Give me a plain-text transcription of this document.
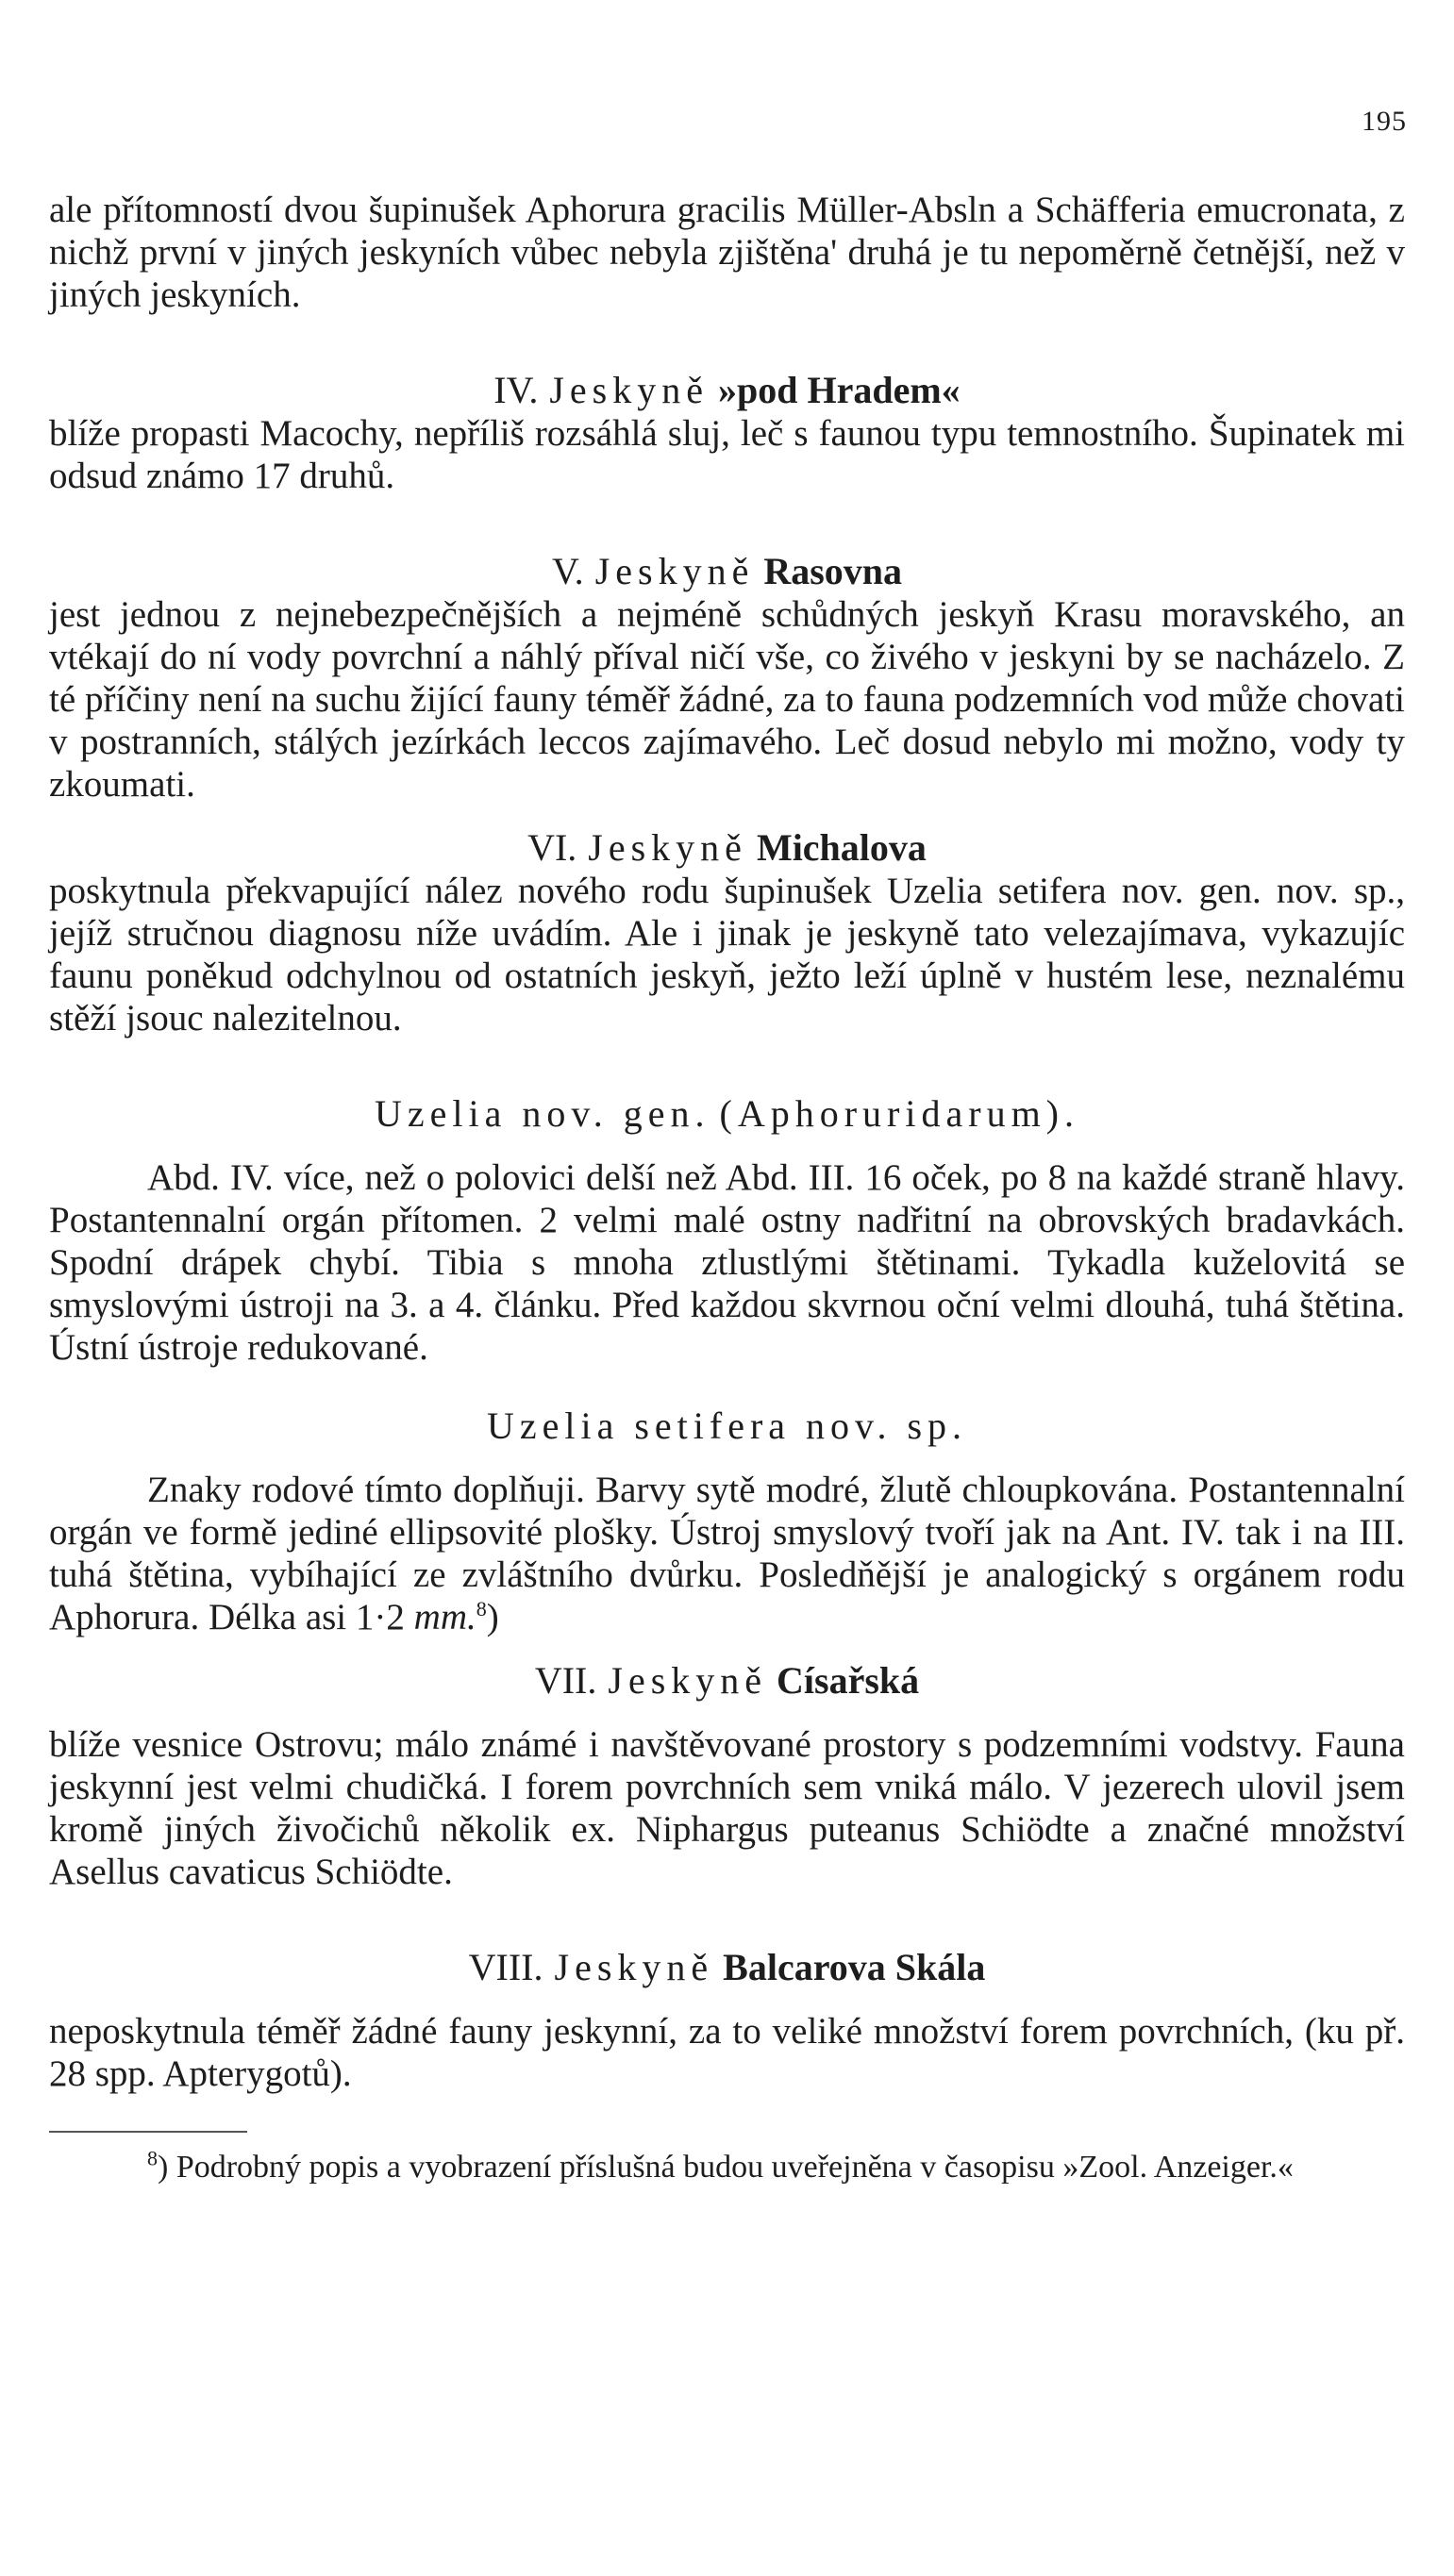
195

ale přítomností dvou šupinušek Aphorura gracilis Müller-Absln a Schäfferia emucronata, z nichž první v jiných jeskyních vůbec nebyla zjištěna' druhá je tu nepoměrně četnější, než v jiných jeskyních.

IV. Jeskyně »pod Hradem«

blíže propasti Macochy, nepříliš rozsáhlá sluj, leč s faunou typu temnostního. Šupinatek mi odsud známo 17 druhů.

V. Jeskyně Rasovna

jest jednou z nejnebezpečnějších a nejméně schůdných jeskyň Krasu moravského, an vtékají do ní vody povrchní a náhlý příval ničí vše, co živého v jeskyni by se nacházelo. Z té příčiny není na suchu žijící fauny téměř žádné, za to fauna podzemních vod může chovati v postranních, stálých jezírkách leccos zajímavého. Leč dosud nebylo mi možno, vody ty zkoumati.

VI. Jeskyně Michalova

poskytnula překvapující nález nového rodu šupinušek Uzelia setifera nov. gen. nov. sp., jejíž stručnou diagnosu níže uvádím. Ale i jinak je jeskyně tato velezajímava, vykazujíc faunu poněkud odchylnou od ostatních jeskyň, ježto leží úplně v hustém lese, neznalému stěží jsouc nalezitelnou.

Uzelia nov. gen. (Aphoruridarum).

Abd. IV. více, než o polovici delší než Abd. III. 16 oček, po 8 na každé straně hlavy. Postantennalní orgán přítomen. 2 velmi malé ostny nadřitní na obrovských bradavkách. Spodní drápek chybí. Tibia s mnoha ztlustlými štětinami. Tykadla kuželovitá se smyslovými ústroji na 3. a 4. článku. Před každou skvrnou oční velmi dlouhá, tuhá štětina. Ústní ústroje redukované.

Uzelia setifera nov. sp.

Znaky rodové tímto doplňuji. Barvy sytě modré, žlutě chloupkována. Postantennalní orgán ve formě jediné ellipsovité plošky. Ústroj smyslový tvoří jak na Ant. IV. tak i na III. tuhá štětina, vybíhající ze zvláštního dvůrku. Posledňější je analogický s orgánem rodu Aphorura. Délka asi 1·2 mm.$^8$)

VII. Jeskyně Císařská

blíže vesnice Ostrovu; málo známé i navštěvované prostory s podzemními vodstvy. Fauna jeskynní jest velmi chudičká. I forem povrchních sem vniká málo. V jezerech ulovil jsem kromě jiných živočichů několik ex. Niphargus puteanus Schiödte a značné množství Asellus cavaticus Schiödte.

VIII. Jeskyně Balcarova Skála

neposkytnula téměř žádné fauny jeskynní, za to veliké množství forem povrchních, (ku př. 28 spp. Apterygotů).

$^8$) Podrobný popis a vyobrazení příslušná budou uveřejněna v časopisu »Zool. Anzeiger.«
